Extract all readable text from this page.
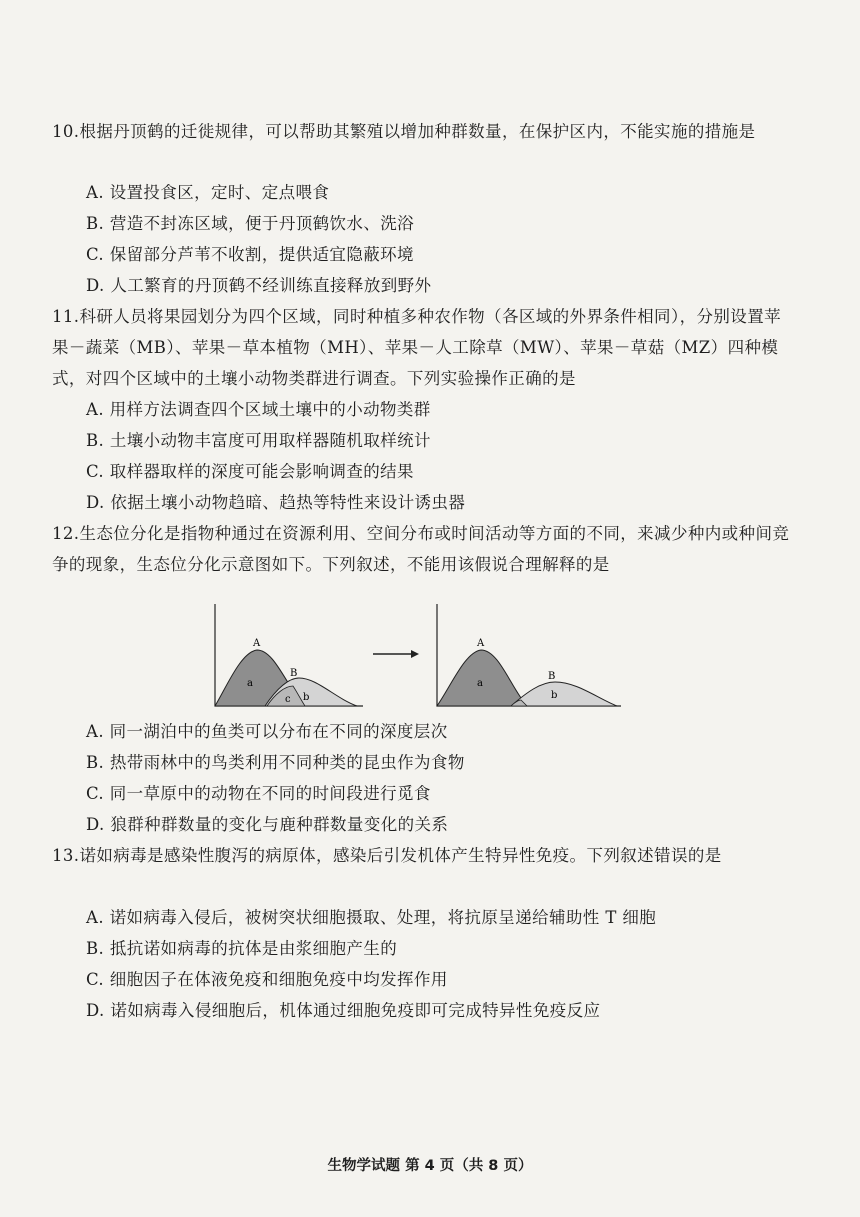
10.根据丹顶鹤的迁徙规律，可以帮助其繁殖以增加种群数量，在保护区内，不能实施的措施是
A. 设置投食区，定时、定点喂食
B. 营造不封冻区域，便于丹顶鹤饮水、洗浴
C. 保留部分芦苇不收割，提供适宜隐蔽环境
D. 人工繁育的丹顶鹤不经训练直接释放到野外
11.科研人员将果园划分为四个区域，同时种植多种农作物（各区域的外界条件相同），分别设置苹果－蔬菜（MB）、苹果－草本植物（MH）、苹果－人工除草（MW）、苹果－草菇（MZ）四种模式，对四个区域中的土壤小动物类群进行调查。下列实验操作正确的是
A. 用样方法调查四个区域土壤中的小动物类群
B. 土壤小动物丰富度可用取样器随机取样统计
C. 取样器取样的深度可能会影响调查的结果
D. 依据土壤小动物趋暗、趋热等特性来设计诱虫器
12.生态位分化是指物种通过在资源利用、空间分布或时间活动等方面的不同，来减少种内或种间竞争的现象，生态位分化示意图如下。下列叙述，不能用该假说合理解释的是
A
a
B
c b
A
a
B
b
A. 同一湖泊中的鱼类可以分布在不同的深度层次
B. 热带雨林中的鸟类利用不同种类的昆虫作为食物
C. 同一草原中的动物在不同的时间段进行觅食
D. 狼群种群数量的变化与鹿种群数量变化的关系
13.诺如病毒是感染性腹泻的病原体，感染后引发机体产生特异性免疫。下列叙述错误的是
A. 诺如病毒入侵后，被树突状细胞摄取、处理，将抗原呈递给辅助性 T 细胞
B. 抵抗诺如病毒的抗体是由浆细胞产生的
C. 细胞因子在体液免疫和细胞免疫中均发挥作用
D. 诺如病毒入侵细胞后，机体通过细胞免疫即可完成特异性免疫反应
生物学试题 第 4 页（共 8 页）
